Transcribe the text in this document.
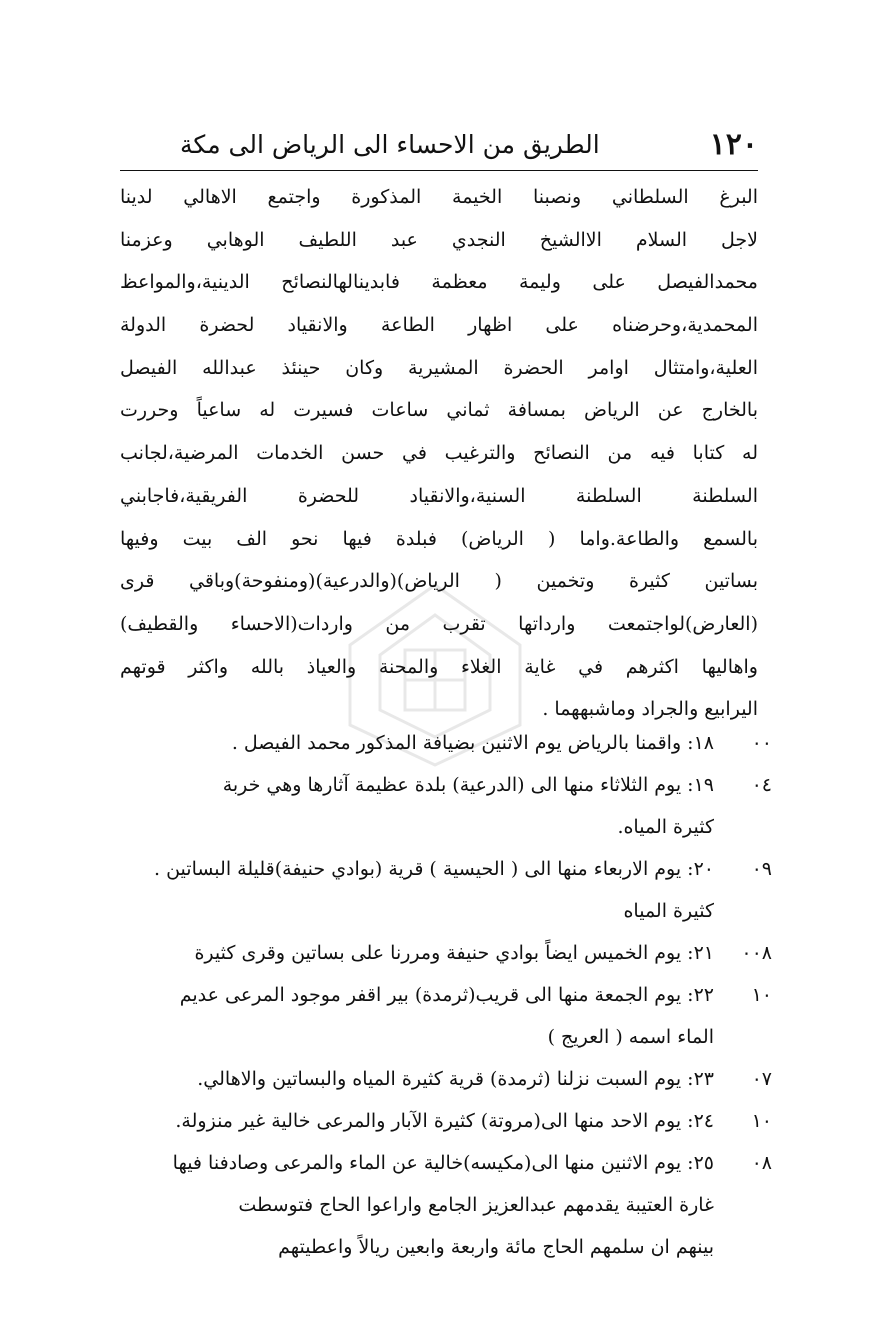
١٢٠
الطريق من الاحساء الى الرياض الى مكة
البرغ السلطاني ونصبنا الخيمة المذكورة واجتمع الاهالي لدينا
لاجل السلام الاالشيخ النجدي عبد اللطيف الوهابي وعزمنا
محمدالفيصل على وليمة معظمة فابدينالهالنصائح الدينية،والمواعظ
المحمدية،وحرضناه على اظهار الطاعة والانقياد لحضرة الدولة
العلية،وامتثال اوامر الحضرة المشيرية وكان حينئذ عبدالله الفيصل
بالخارج عن الرياض بمسافة ثماني ساعات فسيرت له ساعياً وحررت
له كتابا فيه من النصائح والترغيب في حسن الخدمات المرضية،لجانب
السلطنة السلطنة السنية،والانقياد للحضرة الفريقية،فاجابني
بالسمع والطاعة.واما ( الرياض) فبلدة فيها نحو الف بيت وفيها
بساتين كثيرة وتخمين ( الرياض)(والدرعية)(ومنفوحة)وباقي قرى
(العارض)لواجتمعت وارداتها تقرب من واردات(الاحساء والقطيف)
واهاليها اكثرهم في غاية الغلاء والمحنة والعياذ بالله واكثر قوتهم
اليرابيع والجراد وماشبههما .
٠٠
١٨: واقمنا بالرياض يوم الاثنين بضيافة المذكور محمد الفيصل .
٠٤
١٩: يوم الثلاثاء منها الى (الدرعية) بلدة عظيمة آثارها وهي خربة
كثيرة المياه.
٠٩
٢٠: يوم الاربعاء منها الى ( الحيسية ) قرية (بوادي حنيفة)قليلة البساتين .
كثيرة المياه
٠٠٨
٢١: يوم الخميس ايضاً بوادي حنيفة ومررنا على بساتين وقرى كثيرة
١٠
٢٢: يوم الجمعة منها الى قريب(ثرمدة) بير اقفر موجود المرعى عديم
الماء اسمه ( العريج )
٠٧
٢٣: يوم السبت نزلنا (ثرمدة) قرية كثيرة المياه والبساتين والاهالي.
١٠
٢٤: يوم الاحد منها الى(مروتة) كثيرة الآبار والمرعى خالية غير منزولة.
٠٨
٢٥: يوم الاثنين منها الى(مكيسه)خالية عن الماء والمرعى وصادفنا فيها
غارة العتيبة يقدمهم عبدالعزيز الجامع واراعوا الحاج فتوسطت
بينهم ان سلمهم الحاج مائة واربعة وابعين ريالاً واعطيتهم
